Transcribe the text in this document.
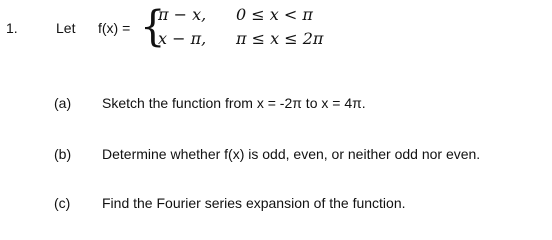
1.	Let f(x) = {
π − x, 0 ≤ x < π
x − π, π ≤ x ≤ 2π
(a) Sketch the function from x = -2π to x = 4π.
(b) Determine whether f(x) is odd, even, or neither odd nor even.
(c) Find the Fourier series expansion of the function.
